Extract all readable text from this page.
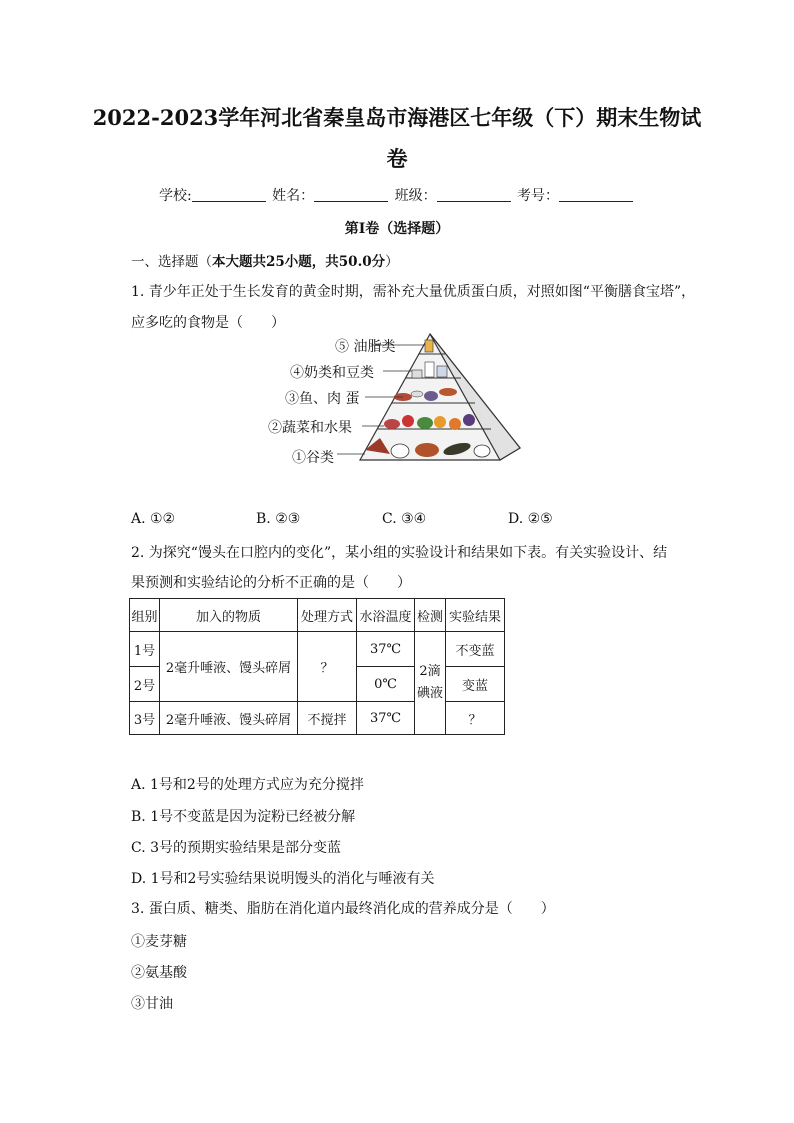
2022-2023学年河北省秦皇岛市海港区七年级（下）期末生物试
卷
学校:	姓名：	班级：	考号：
第I卷（选择题）
一、选择题（本大题共25小题，共50.0分）
1. 青少年正处于生长发育的黄金时期，需补充大量优质蛋白质，对照如图“平衡膳食宝塔”，
应多吃的食物是（　　）
⑤ 油脂类
④奶类和豆类
③鱼、肉 蛋
②蔬菜和水果
①谷类
A. ①②	B. ②③	C. ③④	D. ②⑤
2. 为探究“馒头在口腔内的变化”，某小组的实验设计和结果如下表。有关实验设计、结
果预测和实验结论的分析不正确的是（　　）
组别	加入的物质	处理方式	水浴温度	检测	实验结果
1号	2毫升唾液、馒头碎屑	？	37℃	2滴碘液	不变蓝
2号			0℃		变蓝
3号	2毫升唾液、馒头碎屑	不搅拌	37℃		？
A. 1号和2号的处理方式应为充分搅拌
B. 1号不变蓝是因为淀粉已经被分解
C. 3号的预期实验结果是部分变蓝
D. 1号和2号实验结果说明馒头的消化与唾液有关
3. 蛋白质、糖类、脂肪在消化道内最终消化成的营养成分是（　　）
①麦芽糖
②氨基酸
③甘油
